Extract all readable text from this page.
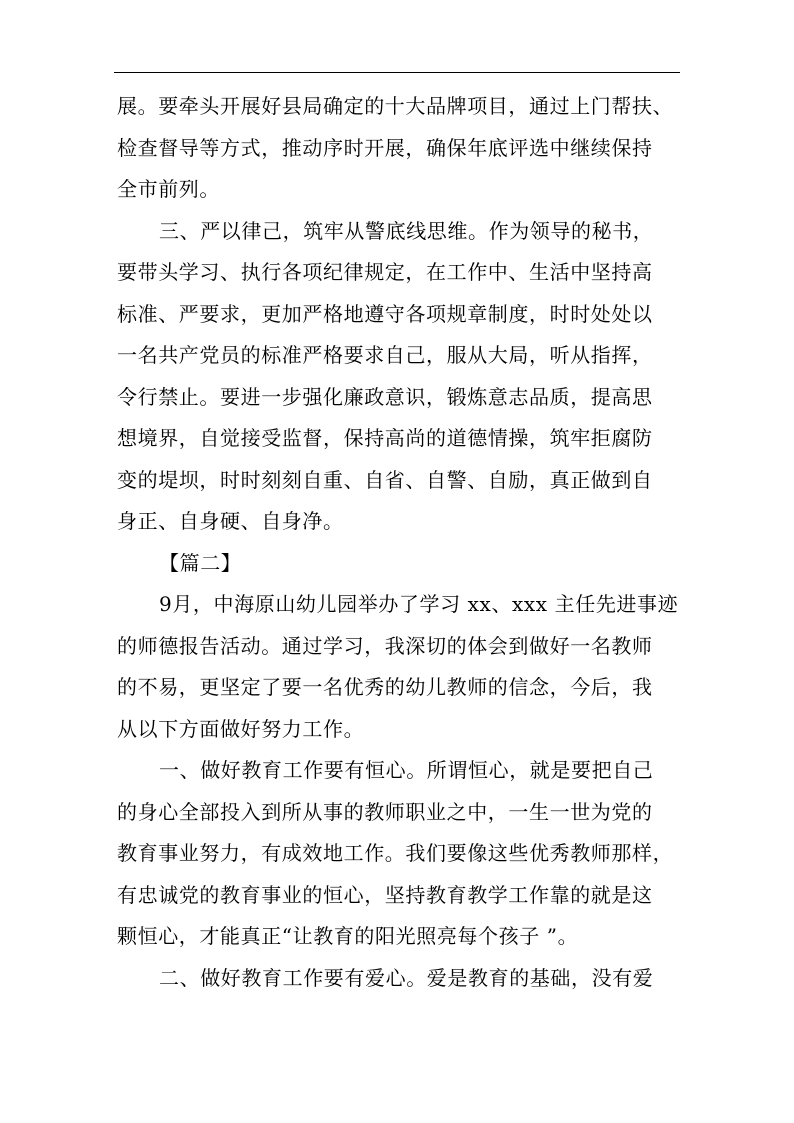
展。要牵头开展好县局确定的十大品牌项目，通过上门帮扶、
检查督导等方式，推动序时开展，确保年底评选中继续保持
全市前列。
三、严以律己，筑牢从警底线思维。作为领导的秘书，
要带头学习、执行各项纪律规定，在工作中、生活中坚持高
标准、严要求，更加严格地遵守各项规章制度，时时处处以
一名共产党员的标准严格要求自己，服从大局，听从指挥，
令行禁止。要进一步强化廉政意识，锻炼意志品质，提高思
想境界，自觉接受监督，保持高尚的道德情操，筑牢拒腐防
变的堤坝，时时刻刻自重、自省、自警、自励，真正做到自
身正、自身硬、自身净。
【篇二】
9月，中海原山幼儿园举办了学习 xx、xxx 主任先进事迹
的师德报告活动。通过学习，我深切的体会到做好一名教师
的不易，更坚定了要一名优秀的幼儿教师的信念，今后，我
从以下方面做好努力工作。
一、做好教育工作要有恒心。所谓恒心，就是要把自己
的身心全部投入到所从事的教师职业之中，一生一世为党的
教育事业努力，有成效地工作。我们要像这些优秀教师那样，
有忠诚党的教育事业的恒心，坚持教育教学工作靠的就是这
颗恒心，才能真正“让教育的阳光照亮每个孩子 ”。
二、做好教育工作要有爱心。爱是教育的基础，没有爱
